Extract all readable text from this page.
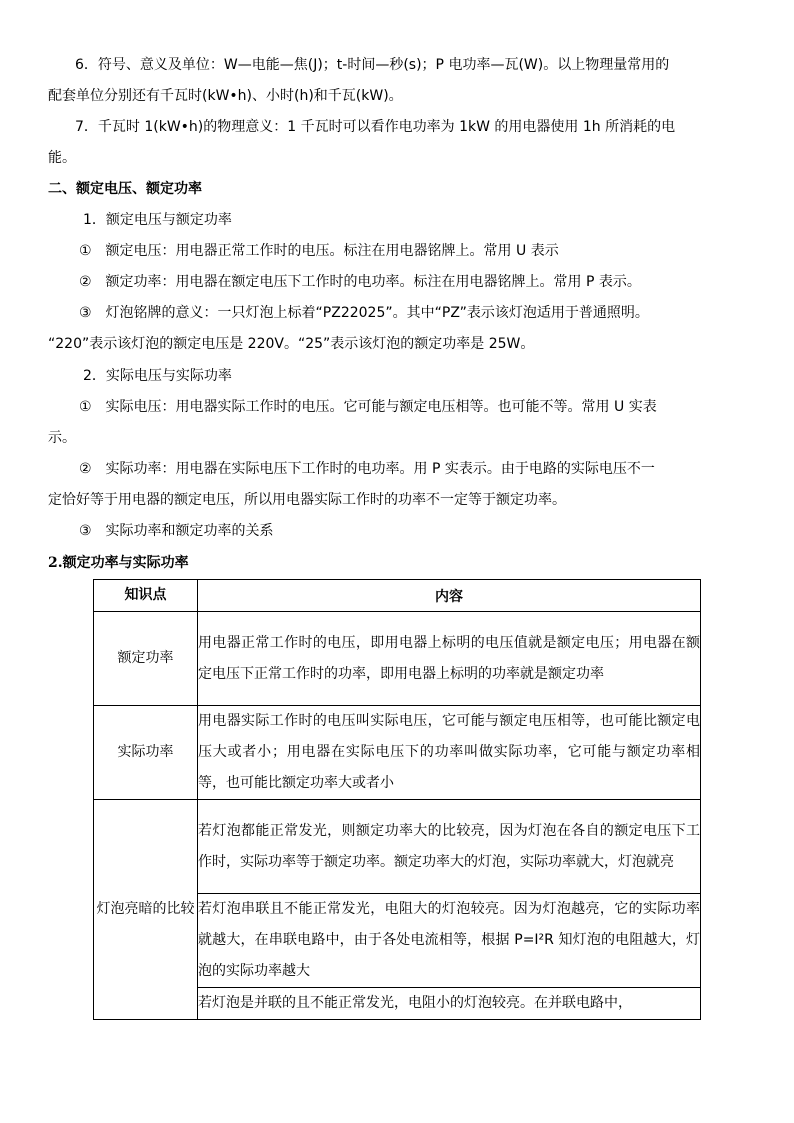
6．符号、意义及单位：W—电能—焦(J)；t-时间—秒(s)；P 电功率—瓦(W)。以上物理量常用的
配套单位分别还有千瓦时(kW•h)、小时(h)和千瓦(kW)。
7．千瓦时 1(kW•h)的物理意义：1 千瓦时可以看作电功率为 1kW 的用电器使用 1h 所消耗的电
能。
二、额定电压、额定功率
1．额定电压与额定功率
①　额定电压：用电器正常工作时的电压。标注在用电器铭牌上。常用 U 表示
②　额定功率：用电器在额定电压下工作时的电功率。标注在用电器铭牌上。常用 P 表示。
③　灯泡铭牌的意义：一只灯泡上标着“PZ22025”。其中“PZ”表示该灯泡适用于普通照明。
“220”表示该灯泡的额定电压是 220V。“25”表示该灯泡的额定功率是 25W。
2．实际电压与实际功率
①　实际电压：用电器实际工作时的电压。它可能与额定电压相等。也可能不等。常用 U 实表
示。
②　实际功率：用电器在实际电压下工作时的电功率。用 P 实表示。由于电路的实际电压不一
定恰好等于用电器的额定电压，所以用电器实际工作时的功率不一定等于额定功率。
③　实际功率和额定功率的关系
2.额定功率与实际功率
知识点	内容
额定功率	用电器正常工作时的电压，即用电器上标明的电压值就是额定电压；用电器在额定电压下正常工作时的功率，即用电器上标明的功率就是额定功率
实际功率	用电器实际工作时的电压叫实际电压，它可能与额定电压相等，也可能比额定电压大或者小；用电器在实际电压下的功率叫做实际功率，它可能与额定功率相等，也可能比额定功率大或者小
灯泡亮暗的比较	若灯泡都能正常发光，则额定功率大的比较亮，因为灯泡在各自的额定电压下工作时，实际功率等于额定功率。额定功率大的灯泡，实际功率就大，灯泡就亮
	若灯泡串联且不能正常发光，电阻大的灯泡较亮。因为灯泡越亮，它的实际功率就越大，在串联电路中，由于各处电流相等，根据 P=I²R 知灯泡的电阻越大，灯泡的实际功率越大
	若灯泡是并联的且不能正常发光，电阻小的灯泡较亮。在并联电路中，
